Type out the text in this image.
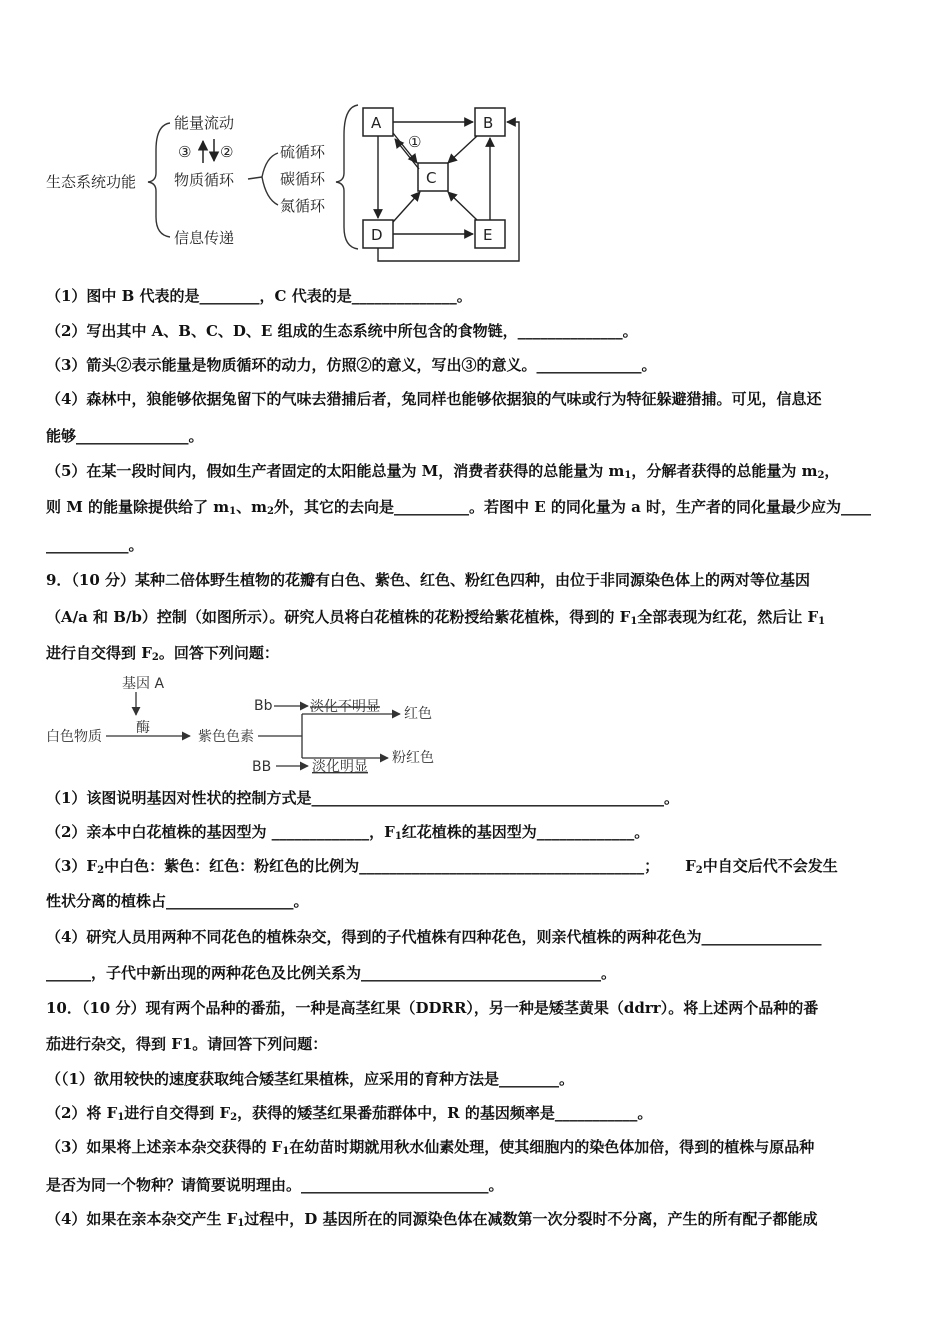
生态系统功能
能量流动
③ ②
物质循环
信息传递
硫循环
碳循环
氮循环
A	B
C
D	E
①
（1）图中 B 代表的是________，C 代表的是______________。
（2）写出其中 A、B、C、D、E 组成的生态系统中所包含的食物链，______________。
（3）箭头②表示能量是物质循环的动力，仿照②的意义，写出③的意义。______________。
（4）森林中，狼能够依据兔留下的气味去猎捕后者，兔同样也能够依据狼的气味或行为特征躲避猎捕。可见，信息还
能够_______________。
（5）在某一段时间内，假如生产者固定的太阳能总量为 M，消费者获得的总能量为 $m_1$，分解者获得的总能量为 $m_2$，
则 M 的能量除提供给了 $m_1$、$m_2$外，其它的去向是__________。若图中 E 的同化量为 a 时，生产者的同化量最少应为____
___________。
9．（10 分）某种二倍体野生植物的花瓣有白色、紫色、红色、粉红色四种，由位于非同源染色体上的两对等位基因
（A/a 和 B/b）控制（如图所示）。研究人员将白花植株的花粉授给紫花植株，得到的 $F_1$全部表现为红花，然后让 $F_1$
进行自交得到 $F_2$。回答下列问题：
基因 A
酶
白色物质	紫色色素
Bb	淡化不明显 红色
粉红色
BB	淡化明显
（1）该图说明基因对性状的控制方式是_______________________________________________。
（2）亲本中白花植株的基因型为 _____________，$F_1$红花植株的基因型为_____________。
$(3)F_2$中白色：紫色：红色：粉红色的比例为______________________________________； $F_2$中自交后代不会发生
性状分离的植株占_________________。
（4）研究人员用两种不同花色的植株杂交，得到的子代植株有四种花色，则亲代植株的两种花色为________________
______，子代中新出现的两种花色及比例关系为________________________________。
10．（10 分）现有两个品种的番茄，一种是高茎红果（DDRR），另一种是矮茎黄果（ddrr）。将上述两个品种的番
茄进行杂交，得到 F1。请回答下列问题：
（（1）欲用较快的速度获取纯合矮茎红果植株，应采用的育种方法是________。
（2）将 $F_1$进行自交得到 $F_2$，获得的矮茎红果番茄群体中，R 的基因频率是___________。
（3）如果将上述亲本杂交获得的 $F_1$在幼苗时期就用秋水仙素处理，使其细胞内的染色体加倍，得到的植株与原品种
是否为同一个物种？请简要说明理由。_________________________。
（4）如果在亲本杂交产生 $F_1$过程中，D 基因所在的同源染色体在减数第一次分裂时不分离，产生的所有配子都能成
